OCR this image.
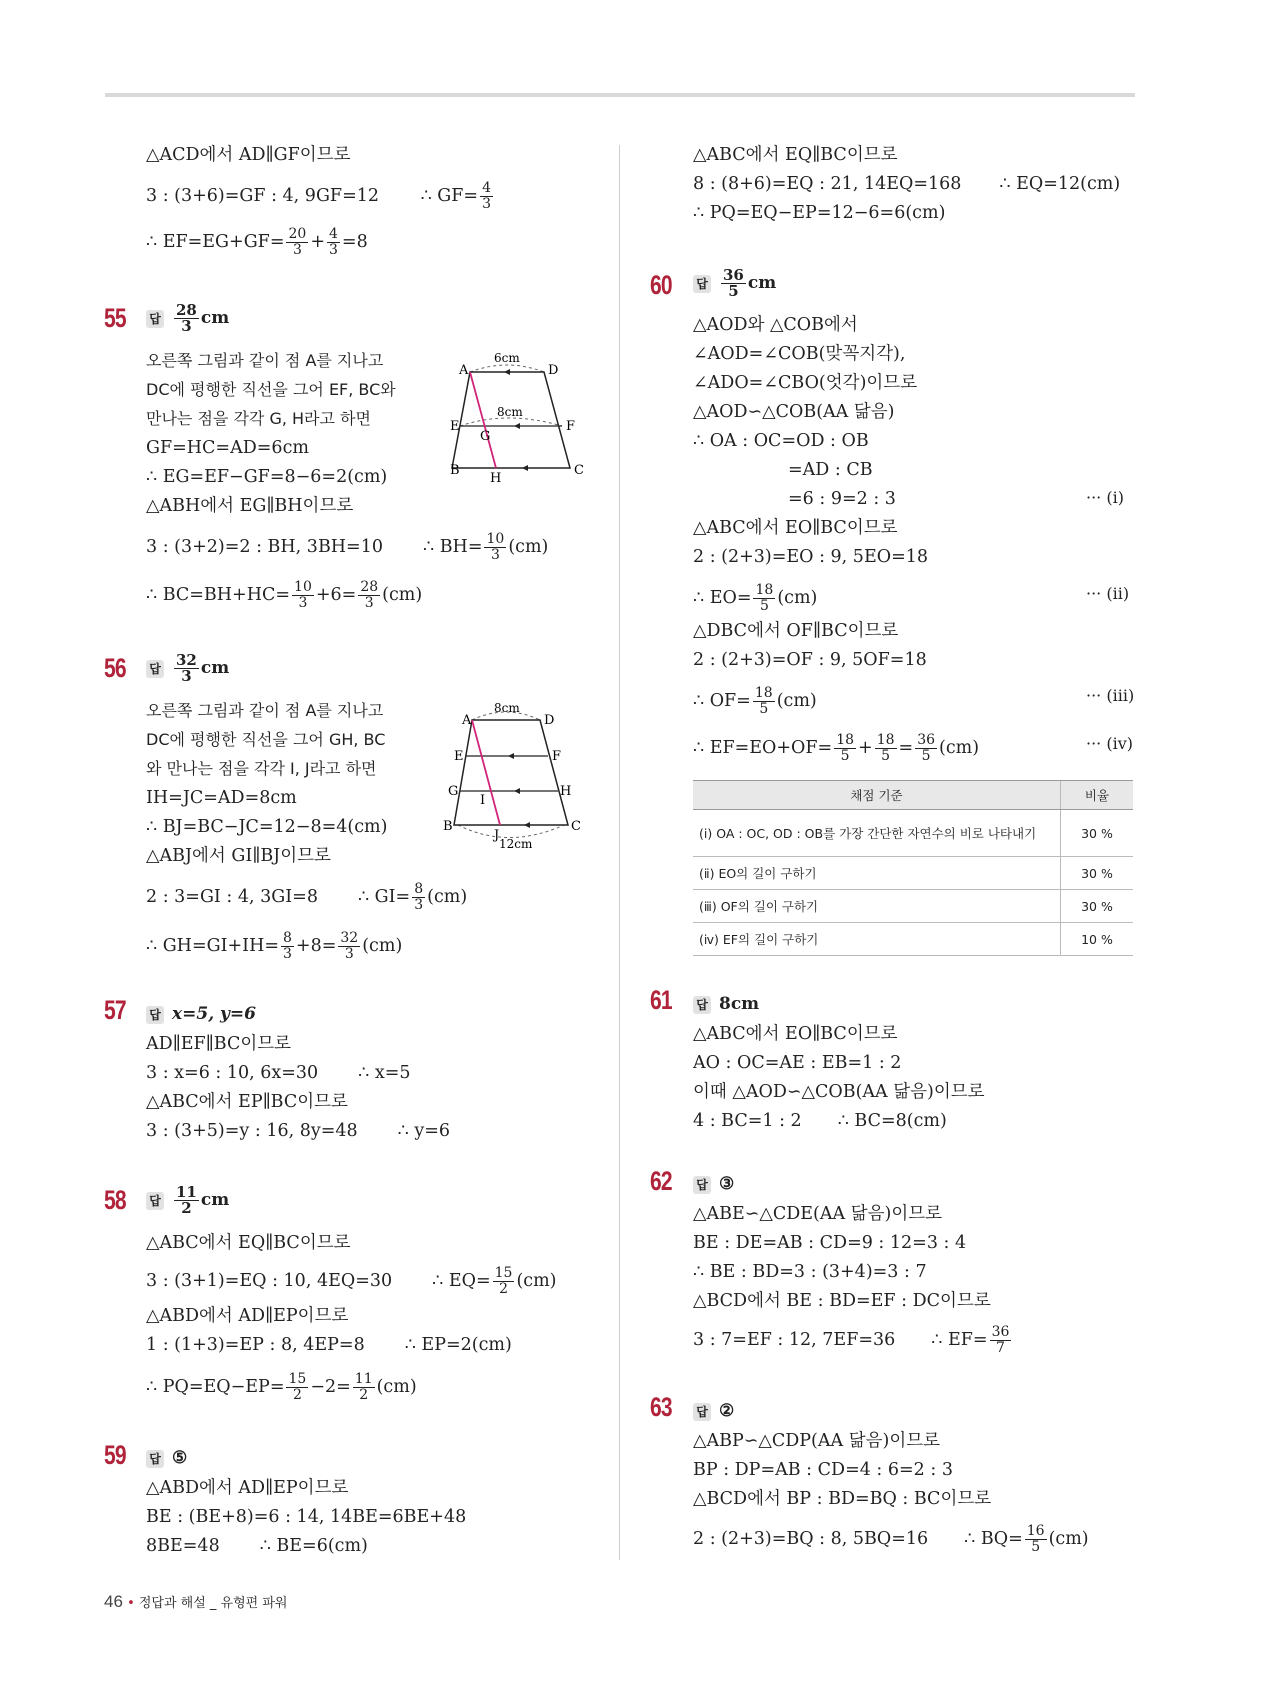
△ACD에서 AD∥GF이므로
3 : (3+6)=GF : 4, 9GF=12 ∴ $GF= \frac{4}{3}$
∴ $EF=EG+GF= \frac{20}{3} + \frac{4}{3} =8$
55 답 $\frac{28}{3}$ cm
오른쪽 그림과 같이 점 A를 지나고
DC에 평행한 직선을 그어 EF, BC와
만나는 점을 각각 G, H라고 하면
GF=HC=AD=6cm
∴ EG=EF−GF=8−6=2(cm)
△ABH에서 EG∥BH이므로
3 : (3+2)=2 : BH, 3BH=10 ∴ $BH= \frac{10}{3} (cm)$
∴ $BC=BH+HC= \frac{10}{3} +6= \frac{28}{3} (cm)$
A	D
E	F
G
B
H
C
6cm
8cm
56 답 $\frac{32}{3}$ cm
오른쪽 그림과 같이 점 A를 지나고
DC에 평행한 직선을 그어 GH, BC
와 만나는 점을 각각 I, J라고 하면
IH=JC=AD=8cm
∴ BJ=BC−JC=12−8=4(cm)
△ABJ에서 GI∥BJ이므로
2 : 3=GI : 4, 3GI=8 ∴ $GI= \frac{8}{3} (cm)$
∴ $GH=GI+IH= \frac{8}{3} +8= \frac{32}{3} (cm)$
A	D
E	F
G	H
I
B
J
C
8cm
12cm
57 답 x=5, y=6
AD∥EF∥BC이므로
3 : x=6 : 10, 6x=30 ∴ x=5
△ABC에서 EP∥BC이므로
3 : (3+5)=y : 16, 8y=48 ∴ y=6
58 답 $\frac{11}{2}$ cm
△ABC에서 EQ∥BC이므로
3 : (3+1)=EQ : 10, 4EQ=30 ∴ $EQ= \frac{15}{2} (cm)$
△ABD에서 AD∥EP이므로
1 : (1+3)=EP : 8, 4EP=8 ∴ EP=2(cm)
∴ $PQ=EQ-EP= \frac{15}{2} -2= \frac{11}{2} (cm)$
59 답 ⑤
△ABD에서 AD∥EP이므로
BE : (BE+8)=6 : 14, 14BE=6BE+48
8BE=48 ∴ BE=6(cm)
△ABC에서 EQ∥BC이므로
8 : (8+6)=EQ : 21, 14EQ=168 ∴ EQ=12(cm)
∴ PQ=EQ−EP=12−6=6(cm)
60 답 $\frac{36}{5}$ cm
△AOD와 △COB에서
∠AOD=∠COB(맞꼭지각),
∠ADO=∠CBO(엇각)이므로
△AOD∽△COB(AA 닮음)
∴ OA : OC=OD : OB
=AD : CB
=6 : 9=2 : 3	··· (ⅰ)
△ABC에서 EO∥BC이므로
2 : (2+3)=EO : 9, 5EO=18
∴ $EO= \frac{18}{5} (cm)$	··· (ⅱ)
△DBC에서 OF∥BC이므로
2 : (2+3)=OF : 9, 5OF=18
∴ $OF= \frac{18}{5} (cm)$	··· (ⅲ)
∴ $EF=EO+OF= \frac{18}{5} + \frac{18}{5} = \frac{36}{5} (cm)$	··· (ⅳ)
채점 기준	비율
(ⅰ) OA : OC, OD : OB를 가장 간단한 자연수의 비로 나타내기	30 %
(ⅱ) EO의 길이 구하기	30 %
(ⅲ) OF의 길이 구하기	30 %
(ⅳ) EF의 길이 구하기	10 %
61 답 8cm
△ABC에서 EO∥BC이므로
AO : OC=AE : EB=1 : 2
이때 △AOD∽△COB(AA 닮음)이므로
4 : BC=1 : 2 ∴ BC=8(cm)
62 답 ③
△ABE∽△CDE(AA 닮음)이므로
BE : DE=AB : CD=9 : 12=3 : 4
∴ BE : BD=3 : (3+4)=3 : 7
△BCD에서 BE : BD=EF : DC이므로
3 : 7=EF : 12, 7EF=36 ∴ $EF= \frac{36}{7}$
63 답 ②
△ABP∽△CDP(AA 닮음)이므로
BP : DP=AB : CD=4 : 6=2 : 3
△BCD에서 BP : BD=BQ : BC이므로
2 : (2+3)=BQ : 8, 5BQ=16 ∴ $BQ= \frac{16}{5} (cm)$
46 • 정답과 해설 _ 유형편 파워
